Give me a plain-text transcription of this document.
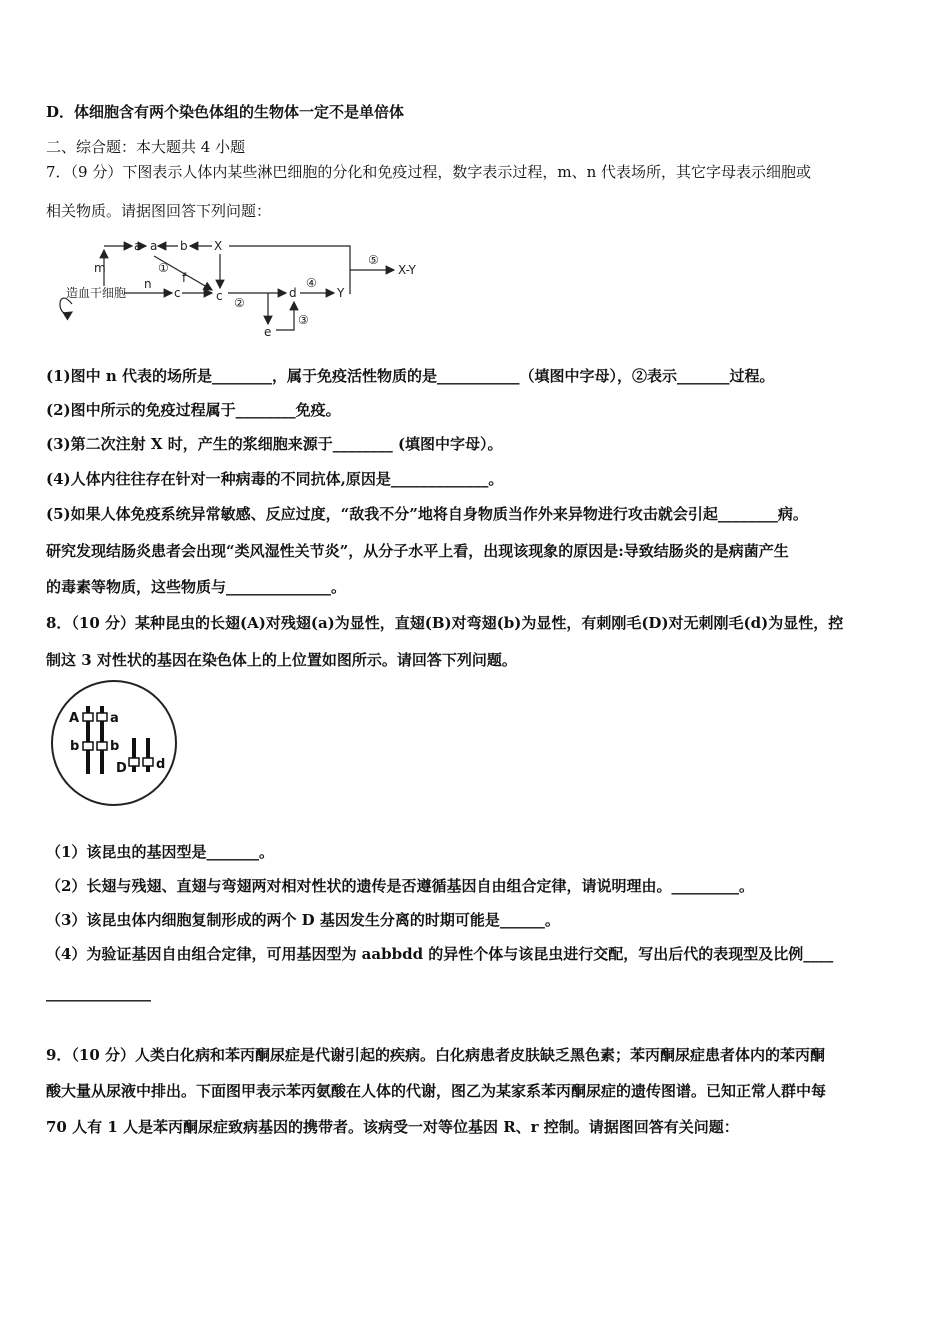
D．体细胞含有两个染色体组的生物体一定不是单倍体
二、综合题：本大题共 4 小题
7．（9 分）下图表示人体内某些淋巴细胞的分化和免疫过程，数字表示过程，m、n 代表场所，其它字母表示细胞或
相关物质。请据图回答下列问题：
造血干细胞
a a b X
m	①
f
n
c	c ②
d
④
Y
e
③
⑤
X-Y
(1)图中 n 代表的场所是________，属于免疫活性物质的是___________（填图中字母），②表示_______过程。
(2)图中所示的免疫过程属于________免疫。
(3)第二次注射 X 时，产生的浆细胞来源于________ (填图中字母）。
(4)人体内往往存在针对一种病毒的不同抗体,原因是_____________。
(5)如果人体免疫系统异常敏感、反应过度，“敌我不分”地将自身物质当作外来异物进行攻击就会引起________病。
研究发现结肠炎患者会出现“类风湿性关节炎”，从分子水平上看，出现该现象的原因是:导致结肠炎的是病菌产生
的毒素等物质，这些物质与______________。
8．（10 分）某种昆虫的长翅(A)对残翅(a)为显性，直翅(B)对弯翅(b)为显性，有刺刚毛(D)对无刺刚毛(d)为显性，控
制这 3 对性状的基因在染色体上的上位置如图所示。请回答下列问题。
A a
b b
D d
（1）该昆虫的基因型是_______。
（2）长翅与残翅、直翅与弯翅两对相对性状的遗传是否遵循基因自由组合定律，请说明理由。_________。
（3）该昆虫体内细胞复制形成的两个 D 基因发生分离的时期可能是______。
（4）为验证基因自由组合定律，可用基因型为 aabbdd 的异性个体与该昆虫进行交配，写出后代的表现型及比例____
______________
9．（10 分）人类白化病和苯丙酮尿症是代谢引起的疾病。白化病患者皮肤缺乏黑色素；苯丙酮尿症患者体内的苯丙酮
酸大量从尿液中排出。下面图甲表示苯丙氨酸在人体的代谢，图乙为某家系苯丙酮尿症的遗传图谱。已知正常人群中每
70 人有 1 人是苯丙酮尿症致病基因的携带者。该病受一对等位基因 R、r 控制。请据图回答有关问题：
